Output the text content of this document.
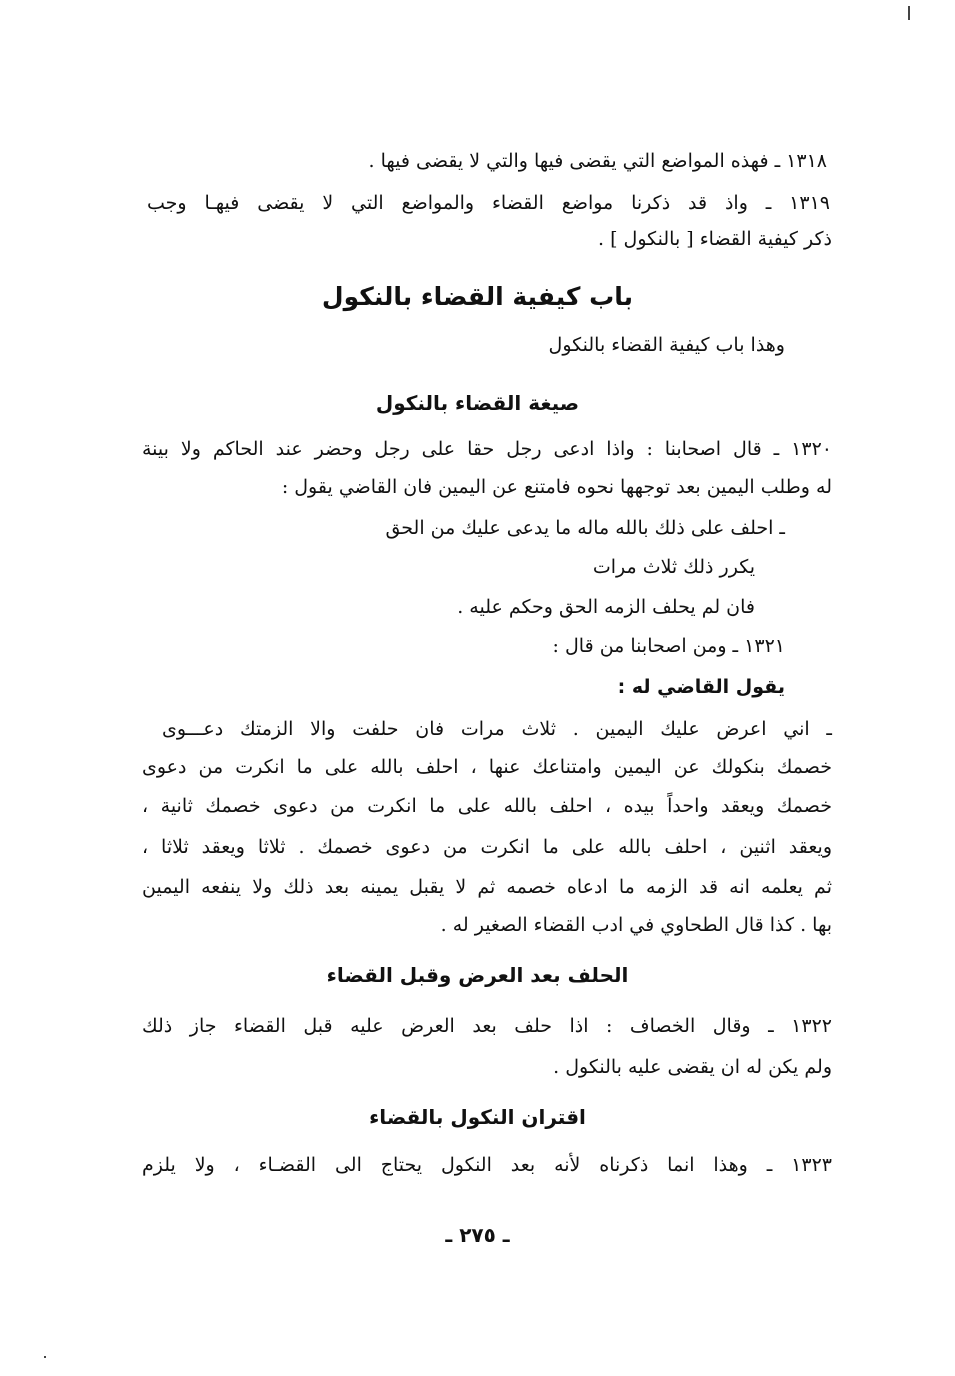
١٣١٨ ـ فهذه المواضع التي يقضى فيها والتي لا يقضى فيها .
١٣١٩ ـ واذ قد ذكرنا مواضع القضاء والمواضع التي لا يقضى فيهـا وجب
ذكر كيفية القضاء [ بالنكول ] .
باب كيفية القضاء بالنكول
وهذا باب كيفية القضاء بالنكول
صيغة القضاء بالنكول
١٣٢٠ ـ قال اصحابنا : واذا ادعى رجل حقا على رجل وحضر عند الحاكم ولا بينة
له وطلب اليمين بعد توجهها نحوه فامتنع عن اليمين فان القاضي يقول :
ـ احلف على ذلك بالله ماله ما يدعى عليك من الحق
يكرر ذلك ثلاث مرات
فان لم يحلف الزمه الحق وحكم عليه .
١٣٢١ ـ ومن اصحابنا من قال :
يقول القاضي له :
ـ اني اعرض عليك اليمين . ثلاث مرات فان حلفت والا الزمتك دعـــوى
خصمك بنكولك عن اليمين وامتناعك عنها ، احلف بالله على ما انكرت من دعوى
خصمك ويعقد واحداً بيده ، احلف بالله على ما انكرت من دعوى خصمك ثانية ،
ويعقد اثنين ، احلف بالله على ما انكرت من دعوى خصمك . ثلاثا ويعقد ثلاثا ،
ثم يعلمه انه قد الزمه ما ادعاه خصمه ثم لا يقبل يمينه بعد ذلك ولا ينفعه اليمين
بها . كذا قال الطحاوي في ادب القضاء الصغير له .
الحلف بعد العرض وقبل القضاء
١٣٢٢ ـ وقال الخصاف : اذا حلف بعد العرض عليه قبل القضاء جاز ذلك
ولم يكن له ان يقضى عليه بالنكول .
اقتران النكول بالقضاء
١٣٢٣ ـ وهذا انما ذكرناه لأنه بعد النكول يحتاج الى القضـاء ، ولا يلزم
ـ ٢٧٥ ـ
